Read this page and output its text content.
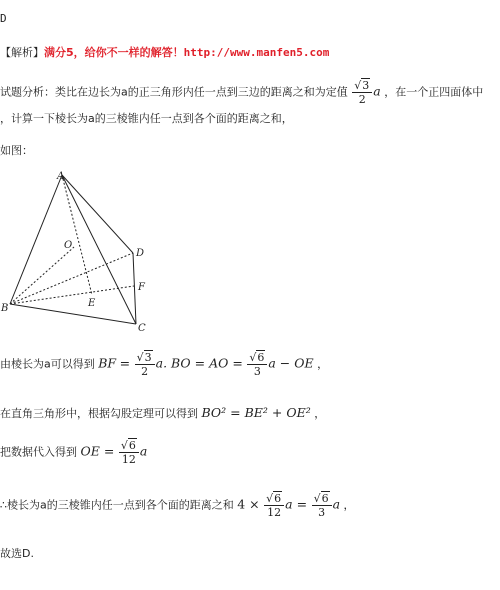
D
【解析】满分5，给你不一样的解答！http://www.manfen5.com
试题分析：类比在边长为a的正三角形内任一点到三边的距离之和为定值 $\frac{√3}{2}$ a ，在一个正四面体中
，计算一下棱长为a的三棱锥内任一点到各个面的距离之和，
如图：
A
O
D
F
B	E
C
由棱长为a可以得到 BF = $\frac{√3}{2} a$. BO = AO = $\frac{√6}{3}$ a − OE ，
在直角三角形中，根据勾股定理可以得到 BO² = BE² + OE² ，
把数据代入得到 OE = $\frac{√6}{12}$ a
∴棱长为a的三棱锥内任一点到各个面的距离之和 $4 \times \frac{√6}{12}$ $a = \frac{√6}{3}$ a ，
故选D.
